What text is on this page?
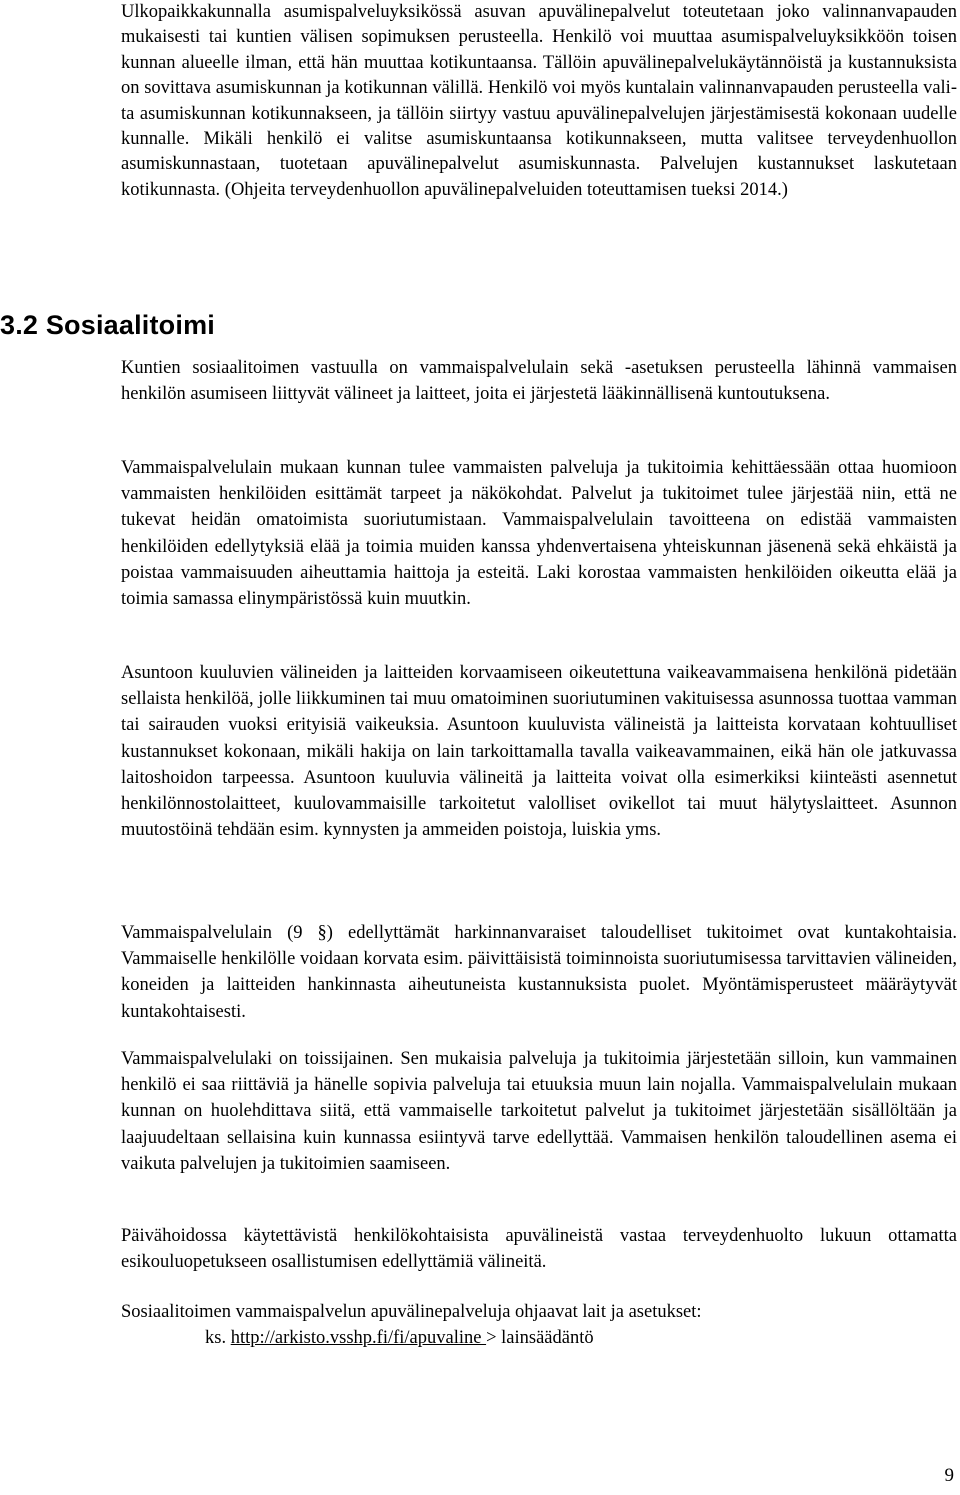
Ulkopaikkakunnalla asumispalveluyksikössä asuvan apuvälinepalvelut toteutetaan joko valinnanvapauden mukaisesti tai kuntien välisen sopimuksen perusteella. Henkilö voi muuttaa asumispalveluyksikköön toisen kunnan alueelle ilman, että hän muuttaa kotikuntaansa. Tällöin apuvälinepalvelukäytännöistä ja kustannuksista on sovittava asumiskunnan ja kotikunnan välillä. Henkilö voi myös kuntalain valinnanvapauden perusteella valita asumiskunnan kotikunnakseen, ja tällöin siirtyy vastuu apuvälinepalvelujen järjestämisestä kokonaan uudelle kunnalle. Mikäli henkilö ei valitse asumiskuntaansa kotikunnakseen, mutta valitsee terveydenhuollon asumiskunnastaan, tuotetaan apuvälinepalvelut asumiskunnasta. Palvelujen kustannukset laskutetaan kotikunnasta. (Ohjeita terveydenhuollon apuvälinepalveluiden toteuttamisen tueksi 2014.)

3.2 Sosiaalitoimi

Kuntien sosiaalitoimen vastuulla on vammaispalvelulain sekä -asetuksen perusteella lähinnä vammaisen henkilön asumiseen liittyvät välineet ja laitteet, joita ei järjestetä lääkinnällisenä kuntoutuksena.

Vammaispalvelulain mukaan kunnan tulee vammaisten palveluja ja tukitoimia kehittäessään ottaa huomioon vammaisten henkilöiden esittämät tarpeet ja näkökohdat. Palvelut ja tukitoimet tulee järjestää niin, että ne tukevat heidän omatoimista suoriutumistaan. Vammaispalvelulain tavoitteena on edistää vammaisten henkilöiden edellytyksiä elää ja toimia muiden kanssa yhdenvertaisena yhteiskunnan jäsenenä sekä ehkäistä ja poistaa vammaisuuden aiheuttamia haittoja ja esteitä. Laki korostaa vammaisten henkilöiden oikeutta elää ja toimia samassa elinympäristössä kuin muutkin.

Asuntoon kuuluvien välineiden ja laitteiden korvaamiseen oikeutettuna vaikeavammaisena henkilönä pidetään sellaista henkilöä, jolle liikkuminen tai muu omatoiminen suoriutuminen vakituisessa asunnossa tuottaa vamman tai sairauden vuoksi erityisiä vaikeuksia. Asuntoon kuuluvista välineistä ja laitteista korvataan kohtuulliset kustannukset kokonaan, mikäli hakija on lain tarkoittamalla tavalla vaikeavammainen, eikä hän ole jatkuvassa laitoshoidon tarpeessa. Asuntoon kuuluvia välineitä ja laitteita voivat olla esimerkiksi kiinteästi asennetut henkilönnostolaitteet, kuulovammaisille tarkoitetut valolliset ovikellot tai muut hälytyslaitteet. Asunnon muutostöinä tehdään esim. kynnysten ja ammeiden poistoja, luiskia yms.

Vammaispalvelulain (9 §) edellyttämät harkinnanvaraiset taloudelliset tukitoimet ovat kuntakohtaisia. Vammaiselle henkilölle voidaan korvata esim. päivittäisistä toiminnoista suoriutumisessa tarvittavien välineiden, koneiden ja laitteiden hankinnasta aiheutuneista kustannuksista puolet. Myöntämisperusteet määräytyvät kuntakohtaisesti.

Vammaispalvelulaki on toissijainen. Sen mukaisia palveluja ja tukitoimia järjestetään silloin, kun vammainen henkilö ei saa riittäviä ja hänelle sopivia palveluja tai etuuksia muun lain nojalla. Vammaispalvelulain mukaan kunnan on huolehdittava siitä, että vammaiselle tarkoitetut palvelut ja tukitoimet järjestetään sisällöltään ja laajuudeltaan sellaisina kuin kunnassa esiintyvä tarve edellyttää. Vammaisen henkilön taloudellinen asema ei vaikuta palvelujen ja tukitoimien saamiseen.

Päivähoidossa käytettävistä henkilökohtaisista apuvälineistä vastaa terveydenhuolto lukuun ottamatta esikouluopetukseen osallistumisen edellyttämiä välineitä.

Sosiaalitoimen vammaispalvelun apuvälinepalveluja ohjaavat lait ja asetukset:

ks. http://arkisto.vsshp.fi/fi/apuvaline > lainsäädäntö

9
